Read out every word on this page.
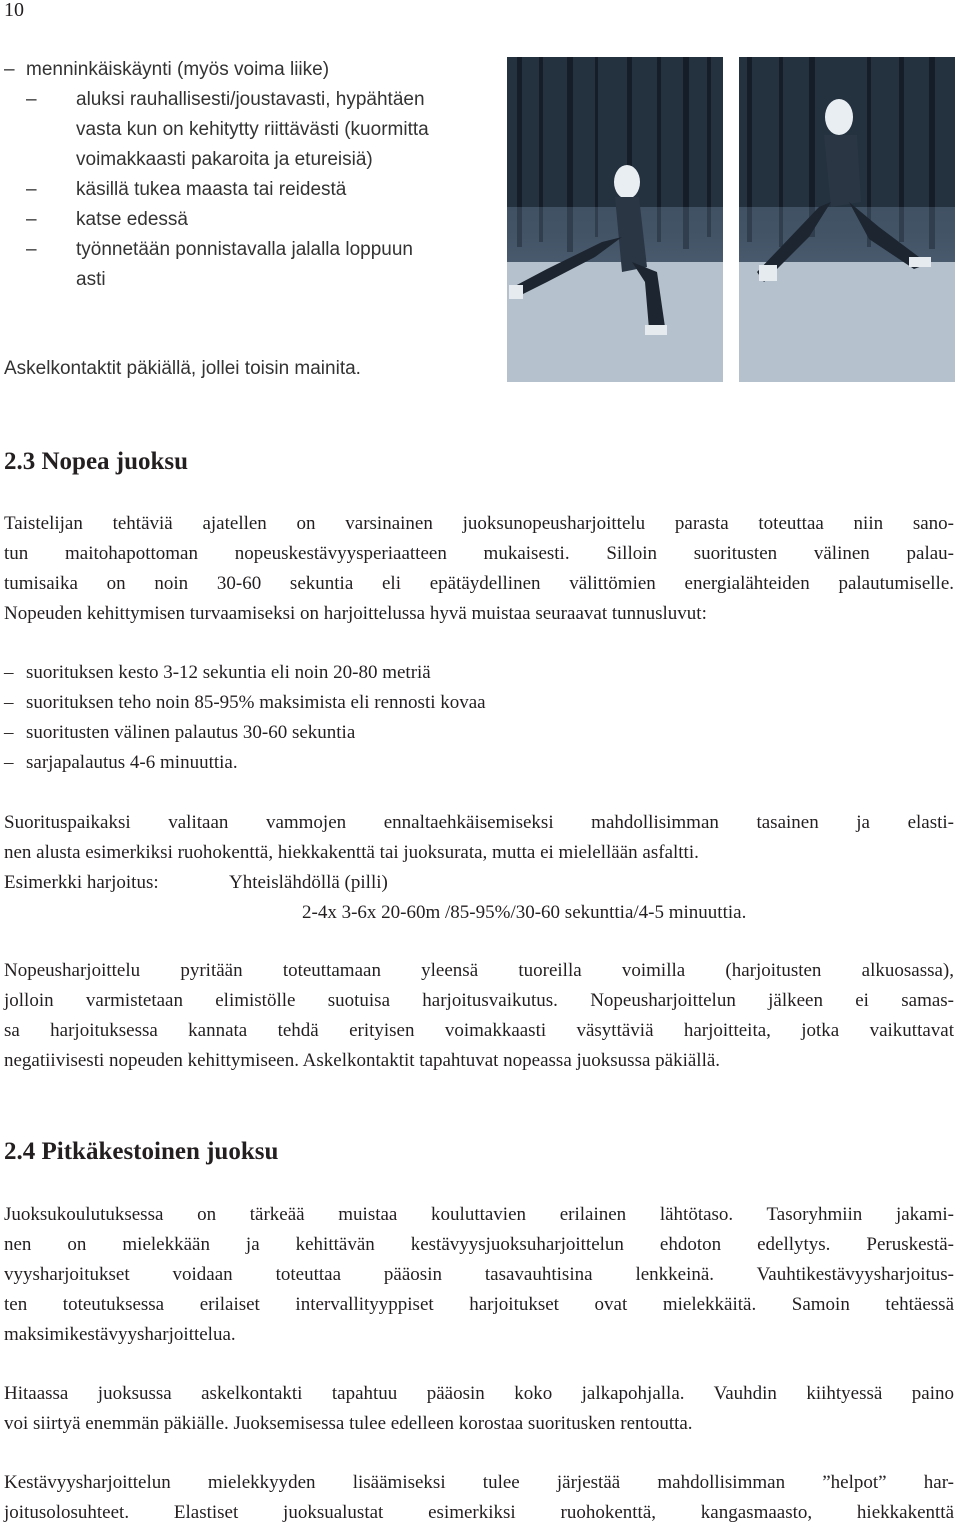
10
– menninkäiskäynti (myös voima liike)
– aluksi rauhallisesti/joustavasti, hypähtäen
vasta kun on kehitytty riittävästi (kuormitta
voimakkaasti pakaroita ja etureisiä)
– käsillä tukea maasta tai reidestä
– katse edessä
– työnnetään ponnistavalla jalalla loppuun
asti
Askelkontaktit päkiällä, jollei toisin mainita.
2.3 Nopea juoksu
Taistelijan tehtäviä ajatellen on varsinainen juoksunopeusharjoittelu parasta toteuttaa niin sano-
tun maitohapottoman nopeuskestävyysperiaatteen mukaisesti. Silloin suoritusten välinen palau-
tumisaika on noin 30-60 sekuntia eli epätäydellinen välittömien energialähteiden palautumiselle.
Nopeuden kehittymisen turvaamiseksi on harjoittelussa hyvä muistaa seuraavat tunnusluvut:
– suorituksen kesto 3-12 sekuntia eli noin 20-80 metriä
– suorituksen teho noin 85-95% maksimista eli rennosti kovaa
– suoritusten välinen palautus 30-60 sekuntia
– sarjapalautus 4-6 minuuttia.
Suorituspaikaksi valitaan vammojen ennaltaehkäisemiseksi mahdollisimman tasainen ja elasti-
nen alusta esimerkiksi ruohokenttä, hiekkakenttä tai juoksurata, mutta ei mielellään asfaltti.
Esimerkki harjoitus:	Yhteislähdöllä (pilli)
2-4x 3-6x 20-60m /85-95%/30-60 sekunttia/4-5 minuuttia.
Nopeusharjoittelu pyritään toteuttamaan yleensä tuoreilla voimilla (harjoitusten alkuosassa),
jolloin varmistetaan elimistölle suotuisa harjoitusvaikutus. Nopeusharjoittelun jälkeen ei samas-
sa harjoituksessa kannata tehdä erityisen voimakkaasti väsyttäviä harjoitteita, jotka vaikuttavat
negatiivisesti nopeuden kehittymiseen. Askelkontaktit tapahtuvat nopeassa juoksussa päkiällä.
2.4 Pitkäkestoinen juoksu
Juoksukoulutuksessa on tärkeää muistaa kouluttavien erilainen lähtötaso. Tasoryhmiin jakami-
nen on mielekkään ja kehittävän kestävyysjuoksuharjoittelun ehdoton edellytys. Peruskestä-
vyysharjoitukset voidaan toteuttaa pääosin tasavauhtisina lenkkeinä. Vauhtikestävyysharjoitus-
ten toteutuksessa erilaiset intervallityyppiset harjoitukset ovat mielekkäitä. Samoin tehtäessä
maksimikestävyysharjoittelua.
Hitaassa juoksussa askelkontakti tapahtuu pääosin koko jalkapohjalla. Vauhdin kiihtyessä paino
voi siirtyä enemmän päkiälle. Juoksemisessa tulee edelleen korostaa suoritusken rentoutta.
Kestävyysharjoittelun mielekkyyden lisäämiseksi tulee järjestää mahdollisimman ”helpot” har-
joitusolosuhteet. Elastiset juoksualustat esimerkiksi ruohokenttä, kangasmaasto, hiekkakenttä
